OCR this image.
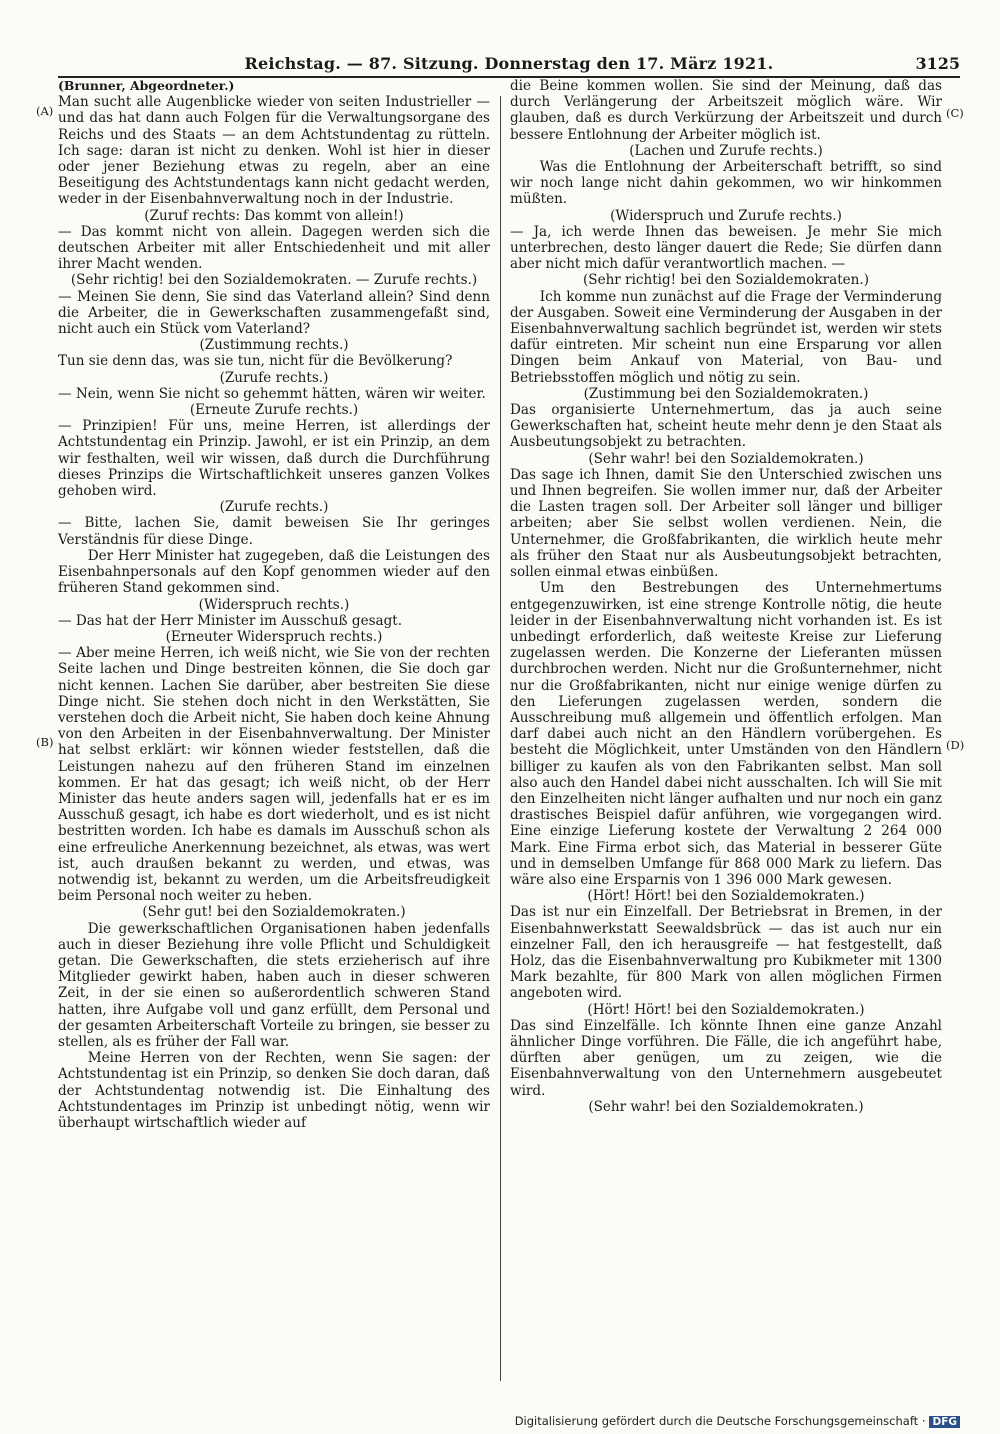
Reichstag. — 87. Sitzung. Donnerstag den 17. März 1921.	3125
(A)
(B)
(C)
(D)

(Brunner, Abgeordneter.)

Man sucht alle Augenblicke wieder von seiten Industrieller — und das hat dann auch Folgen für die Verwaltungsorgane des Reichs und des Staats — an dem Achtstundentag zu rütteln. Ich sage: daran ist nicht zu denken. Wohl ist hier in dieser oder jener Beziehung etwas zu regeln, aber an eine Beseitigung des Achtstundentags kann nicht gedacht werden, weder in der Eisenbahnverwaltung noch in der Industrie.

(Zuruf rechts: Das kommt von allein!)

— Das kommt nicht von allein. Dagegen werden sich die deutschen Arbeiter mit aller Entschiedenheit und mit aller ihrer Macht wenden.

(Sehr richtig! bei den Sozialdemokraten. — Zurufe rechts.)

— Meinen Sie denn, Sie sind das Vaterland allein? Sind denn die Arbeiter, die in Gewerkschaften zusammengefaßt sind, nicht auch ein Stück vom Vaterland?

(Zustimmung rechts.)

Tun sie denn das, was sie tun, nicht für die Bevölkerung?

(Zurufe rechts.)

— Nein, wenn Sie nicht so gehemmt hätten, wären wir weiter.

(Erneute Zurufe rechts.)

— Prinzipien! Für uns, meine Herren, ist allerdings der Achtstundentag ein Prinzip. Jawohl, er ist ein Prinzip, an dem wir festhalten, weil wir wissen, daß durch die Durchführung dieses Prinzips die Wirtschaftlichkeit unseres ganzen Volkes gehoben wird.

(Zurufe rechts.)

— Bitte, lachen Sie, damit beweisen Sie Ihr geringes Verständnis für diese Dinge.

Der Herr Minister hat zugegeben, daß die Leistungen des Eisenbahnpersonals auf den Kopf genommen wieder auf den früheren Stand gekommen sind.

(Widerspruch rechts.)

— Das hat der Herr Minister im Ausschuß gesagt.

(Erneuter Widerspruch rechts.)

— Aber meine Herren, ich weiß nicht, wie Sie von der rechten Seite lachen und Dinge bestreiten können, die Sie doch gar nicht kennen. Lachen Sie darüber, aber bestreiten Sie diese Dinge nicht. Sie stehen doch nicht in den Werkstätten, Sie verstehen doch die Arbeit nicht, Sie haben doch keine Ahnung von den Arbeiten in der Eisenbahnverwaltung. Der Minister hat selbst erklärt: wir können wieder feststellen, daß die Leistungen nahezu auf den früheren Stand im einzelnen kommen. Er hat das gesagt; ich weiß nicht, ob der Herr Minister das heute anders sagen will, jedenfalls hat er es im Ausschuß gesagt, ich habe es dort wiederholt, und es ist nicht bestritten worden. Ich habe es damals im Ausschuß schon als eine erfreuliche Anerkennung bezeichnet, als etwas, was wert ist, auch draußen bekannt zu werden, und etwas, was notwendig ist, bekannt zu werden, um die Arbeitsfreudigkeit beim Personal noch weiter zu heben.

(Sehr gut! bei den Sozialdemokraten.)

Die gewerkschaftlichen Organisationen haben jedenfalls auch in dieser Beziehung ihre volle Pflicht und Schuldigkeit getan. Die Gewerkschaften, die stets erzieherisch auf ihre Mitglieder gewirkt haben, haben auch in dieser schweren Zeit, in der sie einen so außerordentlich schweren Stand hatten, ihre Aufgabe voll und ganz erfüllt, dem Personal und der gesamten Arbeiterschaft Vorteile zu bringen, sie besser zu stellen, als es früher der Fall war.

Meine Herren von der Rechten, wenn Sie sagen: der Achtstundentag ist ein Prinzip, so denken Sie doch daran, daß der Achtstundentag notwendig ist. Die Einhaltung des Achtstundentages im Prinzip ist unbedingt nötig, wenn wir überhaupt wirtschaftlich wieder auf

die Beine kommen wollen. Sie sind der Meinung, daß das durch Verlängerung der Arbeitszeit möglich wäre. Wir glauben, daß es durch Verkürzung der Arbeitszeit und durch bessere Entlohnung der Arbeiter möglich ist.

(Lachen und Zurufe rechts.)

Was die Entlohnung der Arbeiterschaft betrifft, so sind wir noch lange nicht dahin gekommen, wo wir hinkommen müßten.

(Widerspruch und Zurufe rechts.)

— Ja, ich werde Ihnen das beweisen. Je mehr Sie mich unterbrechen, desto länger dauert die Rede; Sie dürfen dann aber nicht mich dafür verantwortlich machen. —

(Sehr richtig! bei den Sozialdemokraten.)

Ich komme nun zunächst auf die Frage der Verminderung der Ausgaben. Soweit eine Verminderung der Ausgaben in der Eisenbahnverwaltung sachlich begründet ist, werden wir stets dafür eintreten. Mir scheint nun eine Ersparung vor allen Dingen beim Ankauf von Material, von Bau- und Betriebsstoffen möglich und nötig zu sein.

(Zustimmung bei den Sozialdemokraten.)

Das organisierte Unternehmertum, das ja auch seine Gewerkschaften hat, scheint heute mehr denn je den Staat als Ausbeutungsobjekt zu betrachten.

(Sehr wahr! bei den Sozialdemokraten.)

Das sage ich Ihnen, damit Sie den Unterschied zwischen uns und Ihnen begreifen. Sie wollen immer nur, daß der Arbeiter die Lasten tragen soll. Der Arbeiter soll länger und billiger arbeiten; aber Sie selbst wollen verdienen. Nein, die Unternehmer, die Großfabrikanten, die wirklich heute mehr als früher den Staat nur als Ausbeutungsobjekt betrachten, sollen einmal etwas einbüßen.

Um den Bestrebungen des Unternehmertums entgegenzuwirken, ist eine strenge Kontrolle nötig, die heute leider in der Eisenbahnverwaltung nicht vorhanden ist. Es ist unbedingt erforderlich, daß weiteste Kreise zur Lieferung zugelassen werden. Die Konzerne der Lieferanten müssen durchbrochen werden. Nicht nur die Großunternehmer, nicht nur die Großfabrikanten, nicht nur einige wenige dürfen zu den Lieferungen zugelassen werden, sondern die Ausschreibung muß allgemein und öffentlich erfolgen. Man darf dabei auch nicht an den Händlern vorübergehen. Es besteht die Möglichkeit, unter Umständen von den Händlern billiger zu kaufen als von den Fabrikanten selbst. Man soll also auch den Handel dabei nicht ausschalten. Ich will Sie mit den Einzelheiten nicht länger aufhalten und nur noch ein ganz drastisches Beispiel dafür anführen, wie vorgegangen wird. Eine einzige Lieferung kostete der Verwaltung 2 264 000 Mark. Eine Firma erbot sich, das Material in besserer Güte und in demselben Umfange für 868 000 Mark zu liefern. Das wäre also eine Ersparnis von 1 396 000 Mark gewesen.

(Hört! Hört! bei den Sozialdemokraten.)

Das ist nur ein Einzelfall. Der Betriebsrat in Bremen, in der Eisenbahnwerkstatt Seewaldsbrück — das ist auch nur ein einzelner Fall, den ich herausgreife — hat festgestellt, daß Holz, das die Eisenbahnverwaltung pro Kubikmeter mit 1300 Mark bezahlte, für 800 Mark von allen möglichen Firmen angeboten wird.

(Hört! Hört! bei den Sozialdemokraten.)

Das sind Einzelfälle. Ich könnte Ihnen eine ganze Anzahl ähnlicher Dinge vorführen. Die Fälle, die ich angeführt habe, dürften aber genügen, um zu zeigen, wie die Eisenbahnverwaltung von den Unternehmern ausgebeutet wird.

(Sehr wahr! bei den Sozialdemokraten.)

Digitalisierung gefördert durch die Deutsche Forschungsgemeinschaft · DFG
